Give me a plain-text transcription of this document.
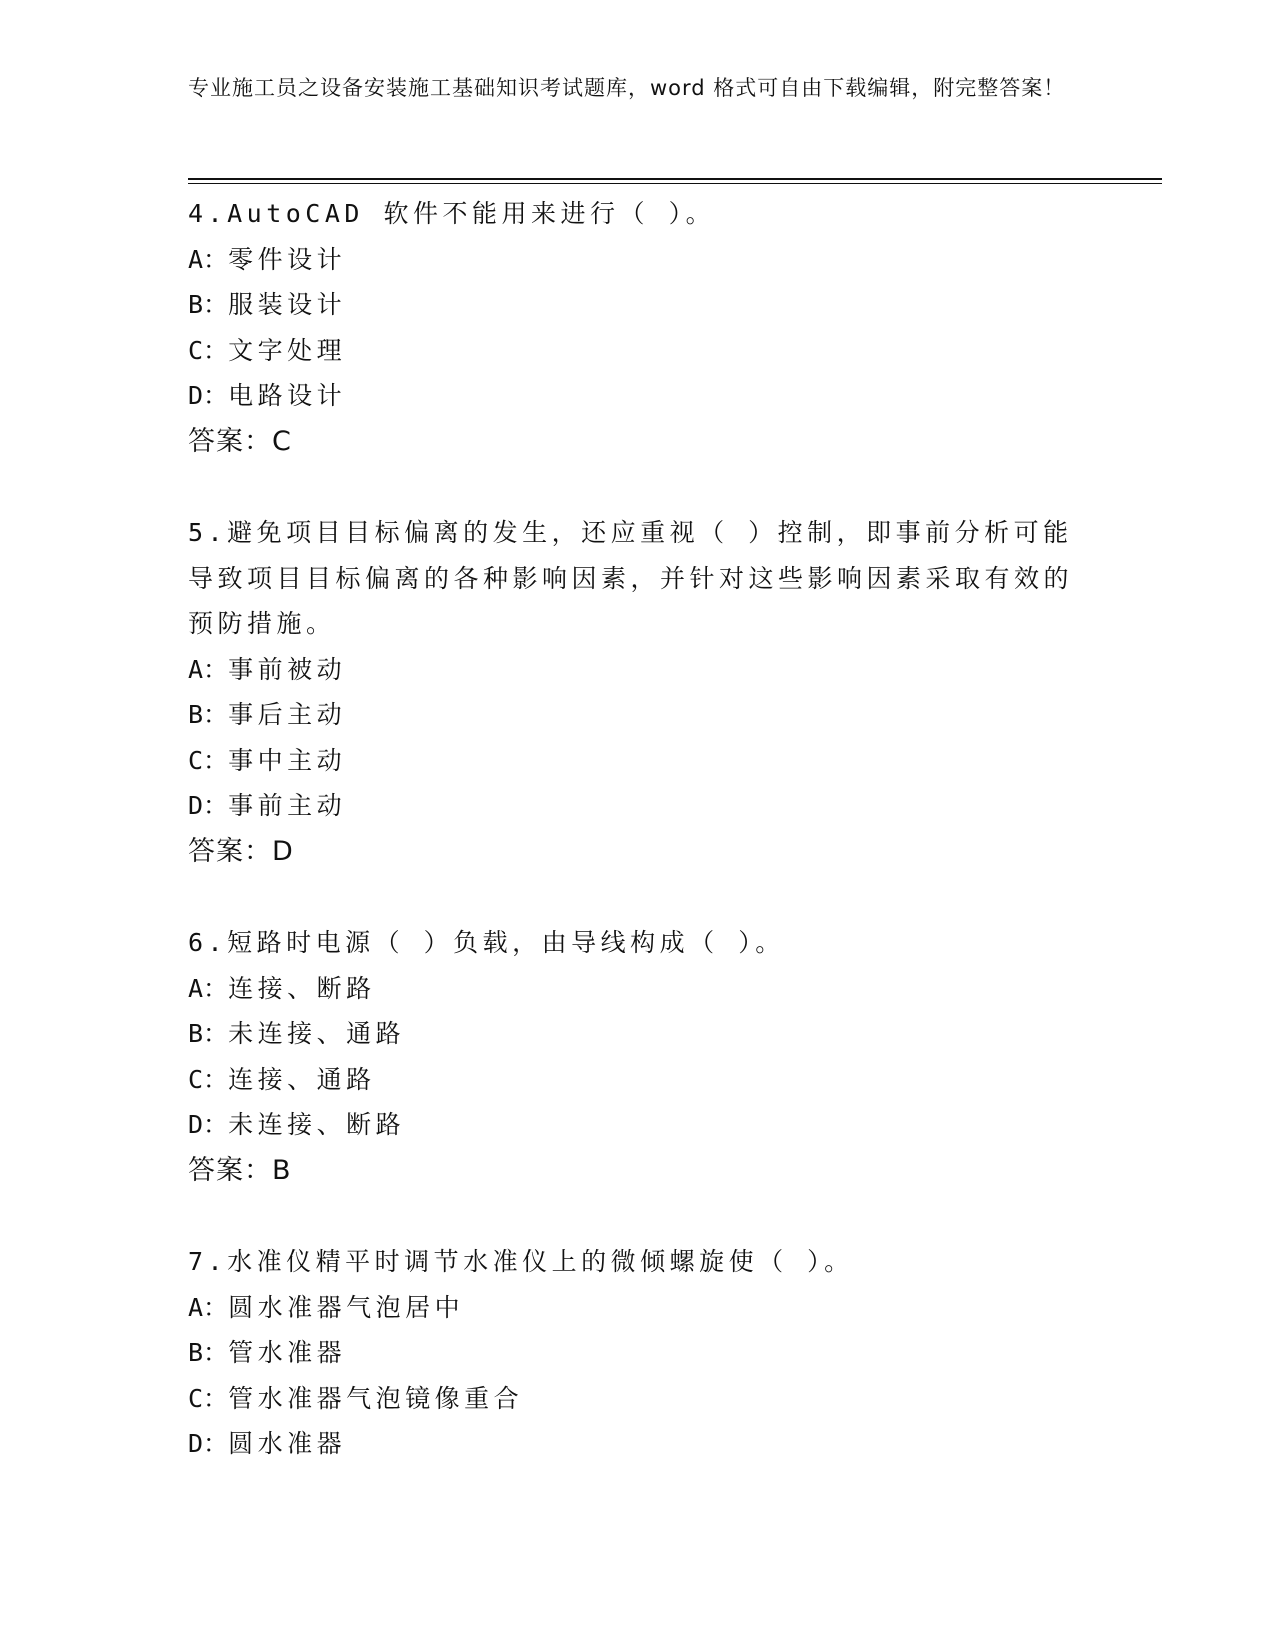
专业施工员之设备安装施工基础知识考试题库，word 格式可自由下载编辑，附完整答案！
4.AutoCAD 软件不能用来进行（ ）。
A：零件设计
B：服装设计
C：文字处理
D：电路设计
答案：C
5.避免项目目标偏离的发生，还应重视（ ）控制，即事前分析可能导致项目目标偏离的各种影响因素，并针对这些影响因素采取有效的预防措施。
A：事前被动
B：事后主动
C：事中主动
D：事前主动
答案：D
6.短路时电源（ ）负载，由导线构成（ ）。
A：连接、断路
B：未连接、通路
C：连接、通路
D：未连接、断路
答案：B
7.水准仪精平时调节水准仪上的微倾螺旋使（ ）。
A：圆水准器气泡居中
B：管水准器
C：管水准器气泡镜像重合
D：圆水准器
